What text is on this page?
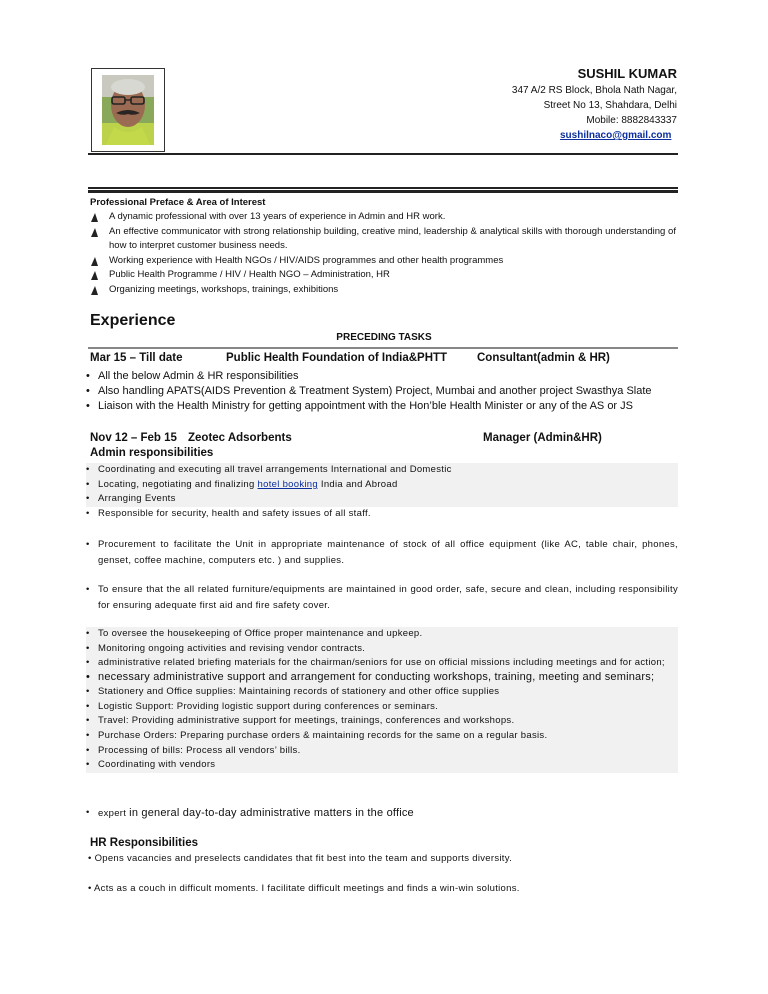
SUSHIL KUMAR
347 A/2 RS Block, Bhola Nath Nagar,
Street No 13, Shahdara, Delhi
Mobile: 8882843337
sushilnaco@gmail.com
Professional Preface & Area of Interest
A dynamic professional with over 13 years of experience in Admin and HR work.
An effective communicator with strong relationship building, creative mind, leadership & analytical skills with thorough understanding of how to interpret customer business needs.
Working experience with Health NGOs / HIV/AIDS programmes and other health programmes
Public Health Programme / HIV / Health NGO – Administration, HR
Organizing meetings, workshops, trainings, exhibitions
Experience
PRECEDING TASKS
Mar 15 – Till date	Public Health Foundation of India&PHTT	Consultant(admin & HR)
• All the below Admin & HR responsibilities
• Also handling APATS(AIDS Prevention & Treatment System) Project, Mumbai and another project Swasthya Slate
• Liaison with the Health Ministry for getting appointment with the Hon’ble Health Minister or any of the AS or JS
Nov 12 – Feb 15 Zeotec Adsorbents	Manager (Admin&HR)
Admin responsibilities
• Coordinating and executing all travel arrangements International and Domestic
• Locating, negotiating and finalizing hotel booking India and Abroad
• Arranging Events
• Responsible for security, health and safety issues of all staff.
• Procurement to facilitate the Unit in appropriate maintenance of stock of all office equipment (like AC, table chair, phones, genset, coffee machine, computers etc. ) and supplies.
• To ensure that the all related furniture/equipments are maintained in good order, safe, secure and clean, including responsibility for ensuring adequate first aid and fire safety cover.
• To oversee the housekeeping of Office proper maintenance and upkeep.
• Monitoring ongoing activities and revising vendor contracts.
• administrative related briefing materials for the chairman/seniors for use on official missions including meetings and for action;
• necessary administrative support and arrangement for conducting workshops, training, meeting and seminars;
• Stationery and Office supplies: Maintaining records of stationery and other office supplies
• Logistic Support: Providing logistic support during conferences or seminars.
• Travel: Providing administrative support for meetings, trainings, conferences and workshops.
• Purchase Orders: Preparing purchase orders & maintaining records for the same on a regular basis.
• Processing of bills: Process all vendors’ bills.
• Coordinating with vendors
• expert in general day-to-day administrative matters in the office
HR Responsibilities
• Opens vacancies and preselects candidates that fit best into the team and supports diversity.
• Acts as a couch in difficult moments. I facilitate difficult meetings and finds a win-win solutions.
